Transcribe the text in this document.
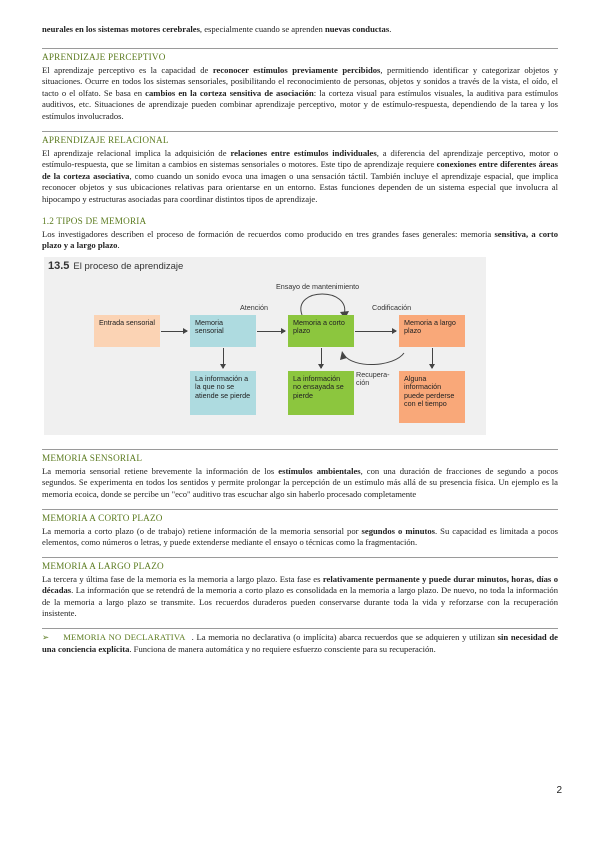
neurales en los sistemas motores cerebrales, especialmente cuando se aprenden nuevas conductas.

APRENDIZAJE PERCEPTIVO

El aprendizaje perceptivo es la capacidad de reconocer estímulos previamente percibidos, permitiendo identificar y categorizar objetos y situaciones. Ocurre en todos los sistemas sensoriales, posibilitando el reconocimiento de personas, objetos y sonidos a través de la vista, el oído, el tacto o el olfato. Se basa en cambios en la corteza sensitiva de asociación: la corteza visual para estímulos visuales, la auditiva para estímulos auditivos, etc. Situaciones de aprendizaje pueden combinar aprendizaje perceptivo, motor y de estímulo-respuesta, dependiendo de la tarea y los estímulos involucrados.

APRENDIZAJE RELACIONAL

El aprendizaje relacional implica la adquisición de relaciones entre estímulos individuales, a diferencia del aprendizaje perceptivo, motor o estímulo-respuesta, que se limitan a cambios en sistemas sensoriales o motores. Este tipo de aprendizaje requiere conexiones entre diferentes áreas de la corteza asociativa, como cuando un sonido evoca una imagen o una sensación táctil. También incluye el aprendizaje espacial, que implica reconocer objetos y sus ubicaciones relativas para orientarse en un entorno. Estas funciones dependen de un sistema especial que involucra al hipocampo y estructuras asociadas para coordinar distintos tipos de aprendizaje.

1.2 TIPOS DE MEMORIA

Los investigadores describen el proceso de formación de recuerdos como producido en tres grandes fases generales: memoria sensitiva, a corto plazo y a largo plazo.

13.5 El proceso de aprendizaje
Ensayo de mantenimiento
Atención	Codificación
Recupera-
ción
Entrada sensorial	Memoria sensorial
Memoria a corto plazo
Memoria a largo plazo
La información a la que no se atiende se pierde
La información no ensayada se pierde
Alguna información puede perderse con el tiempo
MEMORIA SENSORIAL

La memoria sensorial retiene brevemente la información de los estímulos ambientales, con una duración de fracciones de segundo a pocos segundos. Se experimenta en todos los sentidos y permite prolongar la percepción de un estímulo más allá de su presencia física. Un ejemplo es la memoria ecoica, donde se percibe un "eco" auditivo tras escuchar algo sin haberlo procesado completamente

MEMORIA A CORTO PLAZO

La memoria a corto plazo (o de trabajo) retiene información de la memoria sensorial por segundos o minutos. Su capacidad es limitada a pocos elementos, como números o letras, y puede extenderse mediante el ensayo o técnicas como la fragmentación.

MEMORIA A LARGO PLAZO

La tercera y última fase de la memoria es la memoria a largo plazo. Esta fase es relativamente permanente y puede durar minutos, horas, días o décadas. La información que se retendrá de la memoria a corto plazo es consolidada en la memoria a largo plazo. De nuevo, no toda la información de la memoria a largo plazo se transmite. Los recuerdos duraderos pueden conservarse durante toda la vida y reforzarse con la recuperación insistente.

➢ MEMORIA NO DECLARATIVA . La memoria no declarativa (o implícita) abarca recuerdos que se adquieren y utilizan sin necesidad de una conciencia explícita. Funciona de manera automática y no requiere esfuerzo consciente para su recuperación.

2
